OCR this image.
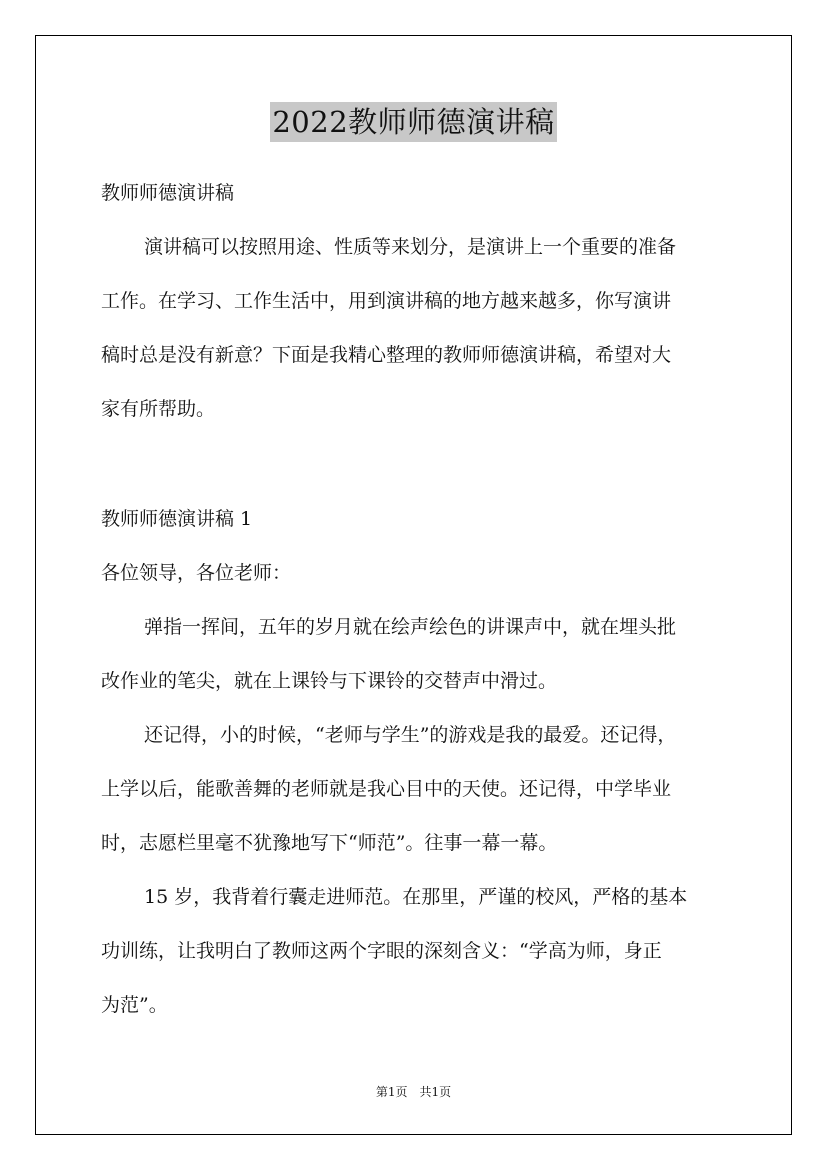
2022教师师德演讲稿
教师师德演讲稿
演讲稿可以按照用途、性质等来划分，是演讲上一个重要的准备
工作。在学习、工作生活中，用到演讲稿的地方越来越多，你写演讲
稿时总是没有新意？下面是我精心整理的教师师德演讲稿，希望对大
家有所帮助。
教师师德演讲稿 1
各位领导，各位老师：
弹指一挥间，五年的岁月就在绘声绘色的讲课声中，就在埋头批
改作业的笔尖，就在上课铃与下课铃的交替声中滑过。
还记得，小的时候，“老师与学生”的游戏是我的最爱。还记得，
上学以后，能歌善舞的老师就是我心目中的天使。还记得，中学毕业
时，志愿栏里毫不犹豫地写下“师范”。往事一幕一幕。
15 岁，我背着行囊走进师范。在那里，严谨的校风，严格的基本
功训练，让我明白了教师这两个字眼的深刻含义：“学高为师，身正
为范”。
第1页　共1页
